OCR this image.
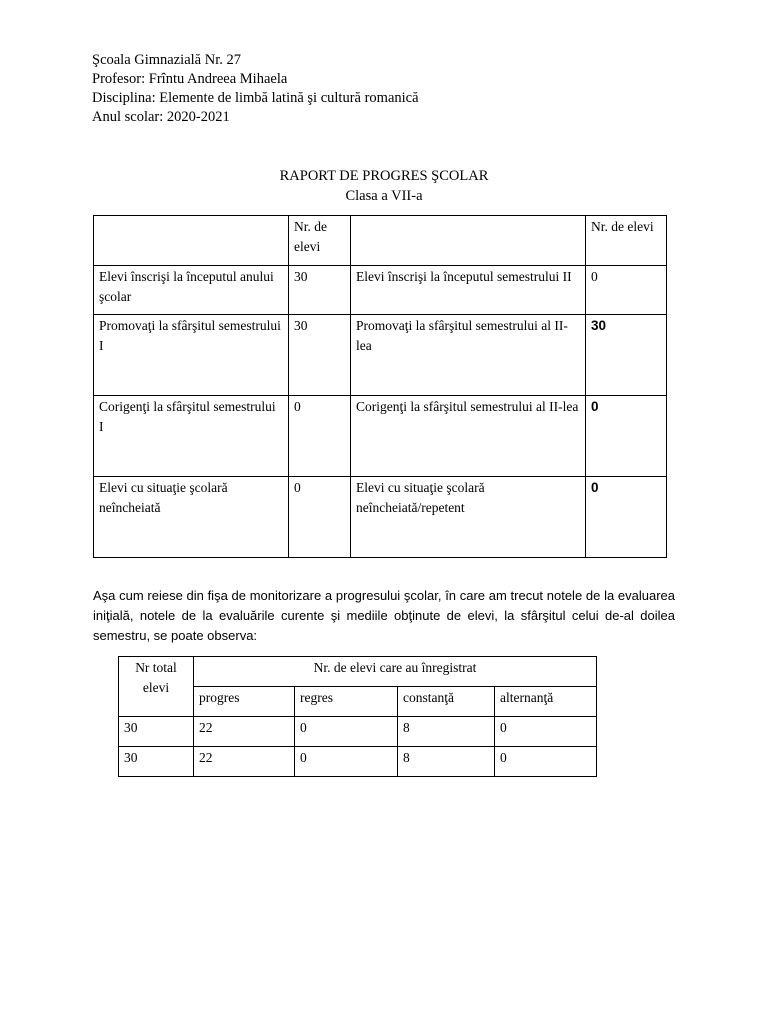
Şcoala Gimnazială Nr. 27
Profesor: Frîntu Andreea Mihaela
Disciplina: Elemente de limbă latină şi cultură romanică
Anul scolar: 2020-2021
RAPORT DE PROGRES ŞCOLAR
Clasa a VII-a
	Nr. de elevi		Nr. de elevi
Elevi înscrişi la începutul anului şcolar	30	Elevi înscrişi la începutul semestrului II	0
Promovaţi la sfârşitul semestrului I	30	Promovaţi la sfârşitul semestrului al II-lea	30
Corigenţi la sfârşitul semestrului I	0	Corigenţi la sfârşitul semestrului al II-lea	0
Elevi cu situaţie şcolară neîncheiată	0	Elevi cu situaţie şcolară neîncheiată/repetent	0
Aşa cum reiese din fişa de monitorizare a progresului şcolar, în care am trecut notele de la evaluarea iniţială, notele de la evaluările curente şi mediile obţinute de elevi, la sfârşitul celui de-al doilea semestru, se poate observa:
Nr total elevi	Nr. de elevi care au înregistrat			
	progres	regres	constanţă	alternanţă
30	22	0	8	0
30	22	0	8	0
